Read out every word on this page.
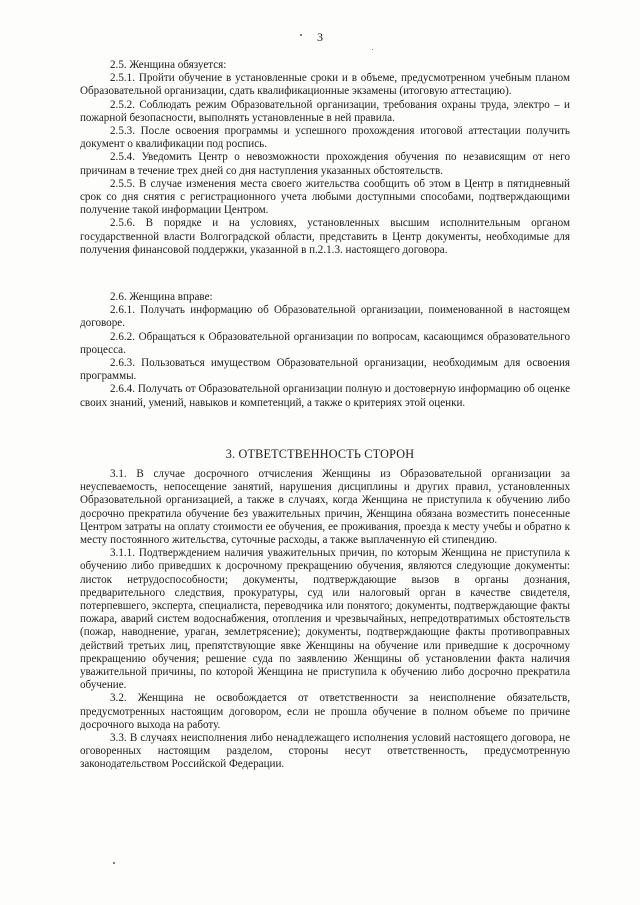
3

2.5. Женщина обязуется:

2.5.1. Пройти обучение в установленные сроки и в объеме, предусмотренном учебным планом Образовательной организации, сдать квалификационные экзамены (итоговую аттестацию).

2.5.2. Соблюдать режим Образовательной организации, требования охраны труда, электро – и пожарной безопасности, выполнять установленные в ней правила.

2.5.3. После освоения программы и успешного прохождения итоговой аттестации получить документ о квалификации под роспись.

2.5.4. Уведомить Центр о невозможности прохождения обучения по независящим от него причинам в течение трех дней со дня наступления указанных обстоятельств.

2.5.5. В случае изменения места своего жительства сообщить об этом в Центр в пятидневный срок со дня снятия с регистрационного учета любыми доступными способами, подтверждающими получение такой информации Центром.

2.5.6. В порядке и на условиях, установленных высшим исполнительным органом государственной власти Волгоградской области, представить в Центр документы, необходимые для получения финансовой поддержки, указанной в п.2.1.3. настоящего договора.

2.6. Женщина вправе:

2.6.1. Получать информацию об Образовательной организации, поименованной в настоящем договоре.

2.6.2. Обращаться к Образовательной организации по вопросам, касающимся образовательного процесса.

2.6.3. Пользоваться имуществом Образовательной организации, необходимым для освоения программы.

2.6.4. Получать от Образовательной организации полную и достоверную информацию об оценке своих знаний, умений, навыков и компетенций, а также о критериях этой оценки.

3. ОТВЕТСТВЕННОСТЬ СТОРОН

3.1. В случае досрочного отчисления Женщины из Образовательной организации за неуспеваемость, непосещение занятий, нарушения дисциплины и других правил, установленных Образовательной организацией, а также в случаях, когда Женщина не приступила к обучению либо досрочно прекратила обучение без уважительных причин, Женщина обязана возместить понесенные Центром затраты на оплату стоимости ее обучения, ее проживания, проезда к месту учебы и обратно к месту постоянного жительства, суточные расходы, а также выплаченную ей стипендию.

3.1.1. Подтверждением наличия уважительных причин, по которым Женщина не приступила к обучению либо приведших к досрочному прекращению обучения, являются следующие документы: листок нетрудоспособности; документы, подтверждающие вызов в органы дознания, предварительного следствия, прокуратуры, суд или налоговый орган в качестве свидетеля, потерпевшего, эксперта, специалиста, переводчика или понятого; документы, подтверждающие факты пожара, аварий систем водоснабжения, отопления и чрезвычайных, непредотвратимых обстоятельств (пожар, наводнение, ураган, землетрясение); документы, подтверждающие факты противоправных действий третьих лиц, препятствующие явке Женщины на обучение или приведшие к досрочному прекращению обучения; решение суда по заявлению Женщины об установлении факта наличия уважительной причины, по которой Женщина не приступила к обучению либо досрочно прекратила обучение.

3.2. Женщина не освобождается от ответственности за неисполнение обязательств, предусмотренных настоящим договором, если не прошла обучение в полном объеме по причине досрочного выхода на работу.

3.3. В случаях неисполнения либо ненадлежащего исполнения условий настоящего договора, не оговоренных настоящим разделом, стороны несут ответственность, предусмотренную законодательством Российской Федерации.
